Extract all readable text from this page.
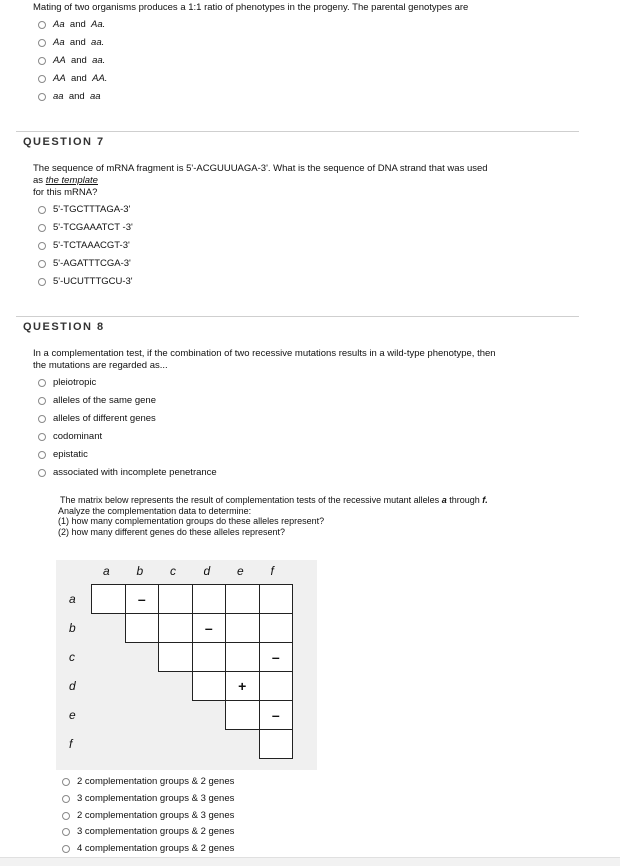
Mating of two organisms produces a 1:1 ratio of phenotypes in the progeny. The parental genotypes are
Aa and Aa.
Aa and aa.
AA and aa.
AA and AA.
aa and aa
QUESTION 7
The sequence of mRNA fragment is 5'-ACGUUUAGA-3'. What is the sequence of DNA strand that was used
as the template
for this mRNA?
5'-TGCTTTAGA-3'
5'-TCGAAATCT -3'
5'-TCTAAACGT-3'
5'-AGATTTCGA-3'
5'-UCUTTTGCU-3'
QUESTION 8
In a complementation test, if the combination of two recessive mutations results in a wild-type phenotype, then
the mutations are regarded as...
pleiotropic
alleles of the same gene
alleles of different genes
codominant
epistatic
associated with incomplete penetrance
The matrix below represents the result of complementation tests of the recessive mutant alleles a through f.
Analyze the complementation data to determine:
(1) how many complementation groups do these alleles represent?
(2) how many different genes do these alleles represent?
a b c d e f
a
b
c
d
e
f
–
–
–
+
–
2 complementation groups & 2 genes
3 complementation groups & 3 genes
2 complementation groups & 3 genes
3 complementation groups & 2 genes
4 complementation groups & 2 genes
